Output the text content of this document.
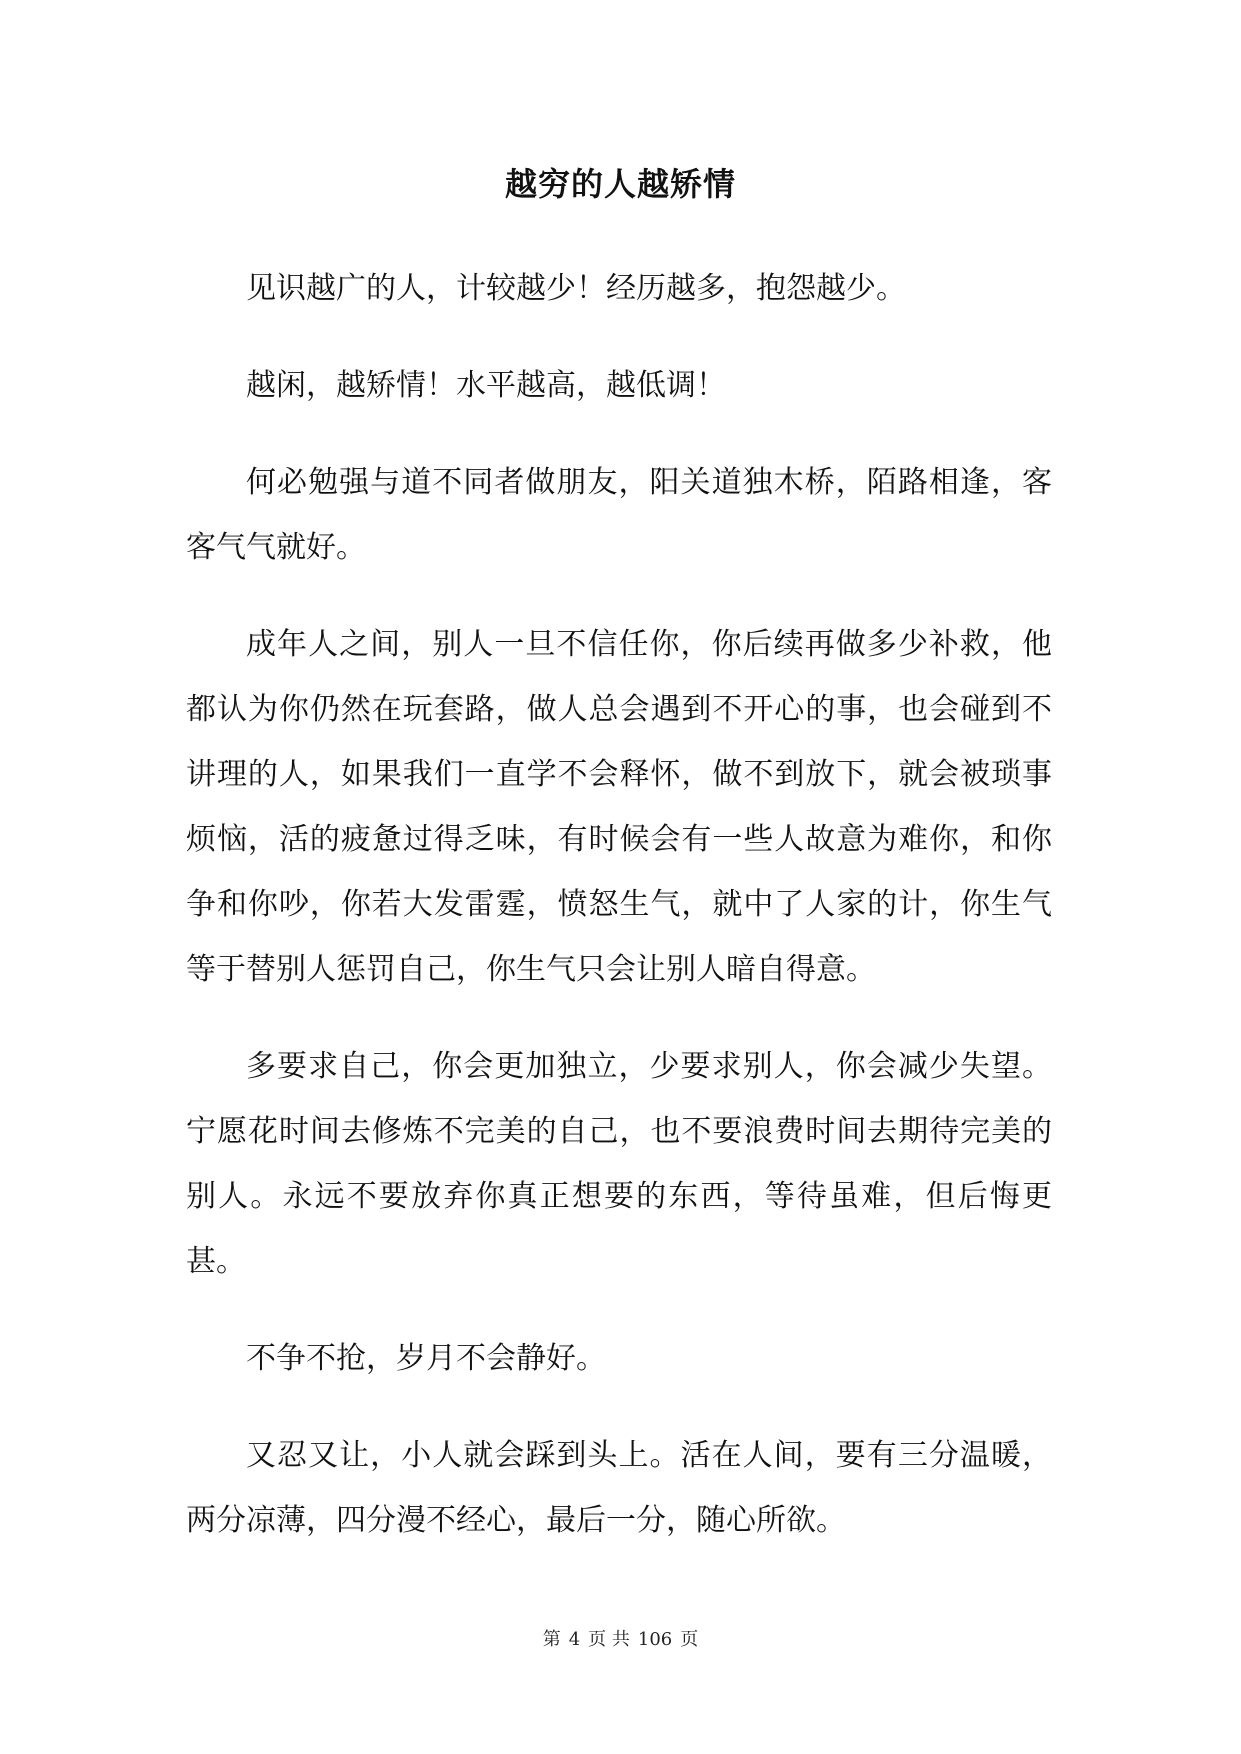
越穷的人越矫情

见识越广的人，计较越少！经历越多，抱怨越少。

越闲，越矫情！水平越高，越低调！

何必勉强与道不同者做朋友，阳关道独木桥，陌路相逢，客客气气就好。

成年人之间，别人一旦不信任你，你后续再做多少补救，他都认为你仍然在玩套路，做人总会遇到不开心的事，也会碰到不讲理的人，如果我们一直学不会释怀，做不到放下，就会被琐事烦恼，活的疲惫过得乏味，有时候会有一些人故意为难你，和你争和你吵，你若大发雷霆，愤怒生气，就中了人家的计，你生气等于替别人惩罚自己，你生气只会让别人暗自得意。

多要求自己，你会更加独立，少要求别人，你会减少失望。宁愿花时间去修炼不完美的自己，也不要浪费时间去期待完美的别人。永远不要放弃你真正想要的东西，等待虽难，但后悔更甚。

不争不抢，岁月不会静好。

又忍又让，小人就会踩到头上。活在人间，要有三分温暖，两分凉薄，四分漫不经心，最后一分，随心所欲。

第 4 页 共 106 页
